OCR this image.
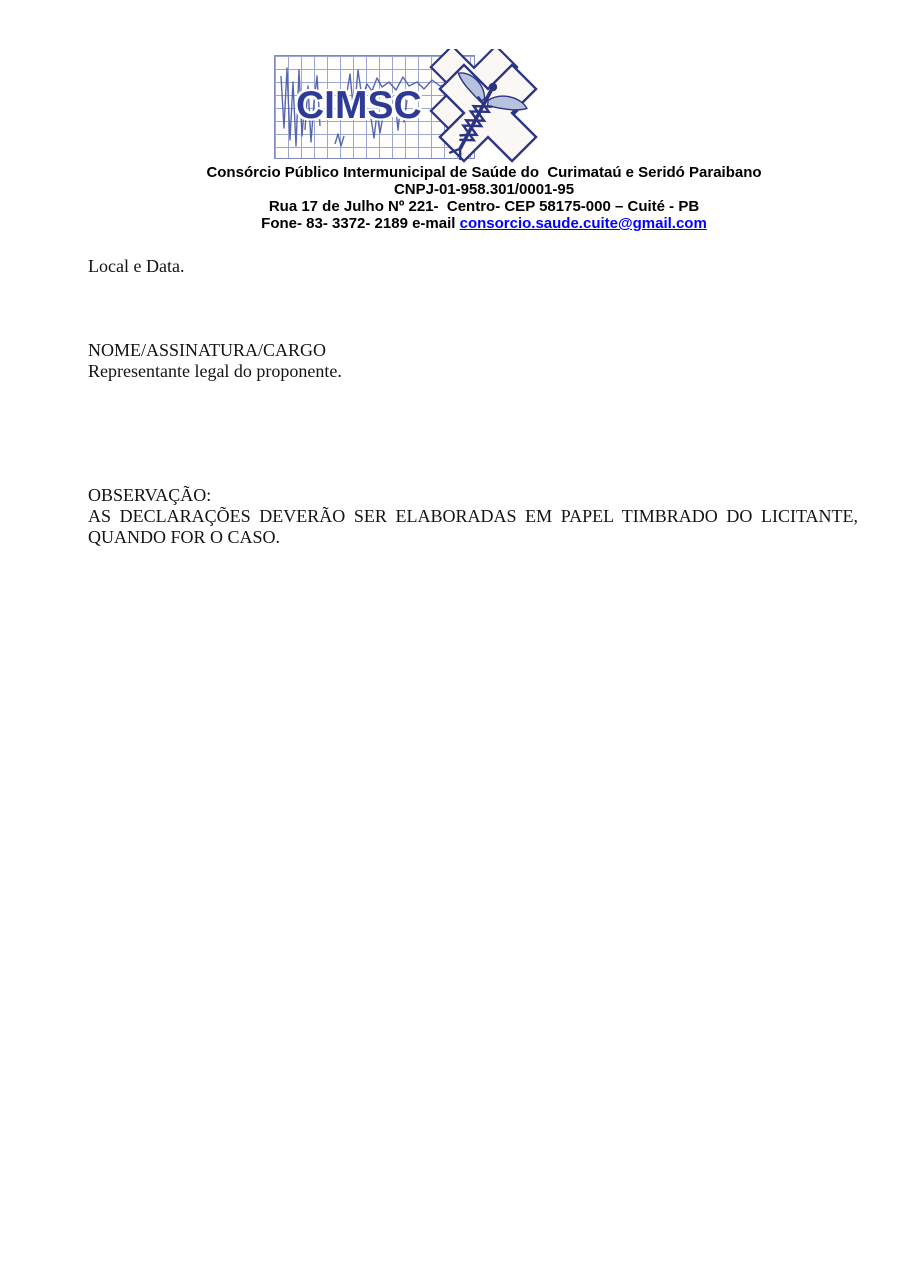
CIMSC
Consórcio Público Intermunicipal de Saúde do  Curimataú e Seridó Paraibano
CNPJ-01-958.301/0001-95
Rua 17 de Julho Nº 221-  Centro- CEP 58175-000 – Cuité - PB
Fone- 83- 3372- 2189 e-mail consorcio.saude.cuite@gmail.com
Local e Data.
NOME/ASSINATURA/CARGO
Representante legal do proponente.
OBSERVAÇÃO:
AS DECLARAÇÕES DEVERÃO SER ELABORADAS EM PAPEL TIMBRADO DO LICITANTE,
QUANDO FOR O CASO.
